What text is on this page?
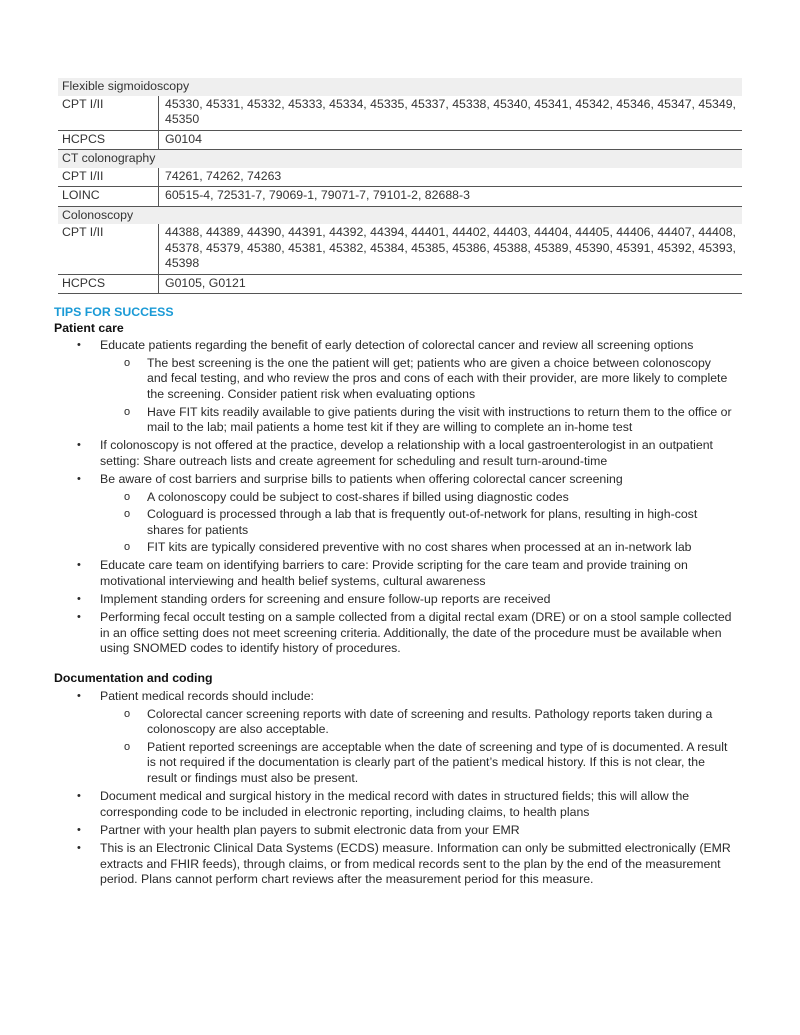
Flexible sigmoidoscopy	
CPT I/II	45330, 45331, 45332, 45333, 45334, 45335, 45337, 45338, 45340, 45341, 45342, 45346, 45347, 45349, 45350
HCPCS	G0104
CT colonography	
CPT I/II	74261, 74262, 74263
LOINC	60515-4, 72531-7, 79069-1, 79071-7, 79101-2, 82688-3
Colonoscopy	
CPT I/II	44388, 44389, 44390, 44391, 44392, 44394, 44401, 44402, 44403, 44404, 44405, 44406, 44407, 44408, 45378, 45379, 45380, 45381, 45382, 45384, 45385, 45386, 45388, 45389, 45390, 45391, 45392, 45393, 45398
HCPCS	G0105, G0121

TIPS FOR SUCCESS

Patient care

• Educate patients regarding the benefit of early detection of colorectal cancer and review all screening options
o The best screening is the one the patient will get; patients who are given a choice between colonoscopy and fecal testing, and who review the pros and cons of each with their provider, are more likely to complete the screening. Consider patient risk when evaluating options
o Have FIT kits readily available to give patients during the visit with instructions to return them to the office or mail to the lab; mail patients a home test kit if they are willing to complete an in-home test
• If colonoscopy is not offered at the practice, develop a relationship with a local gastroenterologist in an outpatient setting: Share outreach lists and create agreement for scheduling and result turn-around-time
• Be aware of cost barriers and surprise bills to patients when offering colorectal cancer screening
o A colonoscopy could be subject to cost-shares if billed using diagnostic codes
o Cologuard is processed through a lab that is frequently out-of-network for plans, resulting in high-cost shares for patients
o FIT kits are typically considered preventive with no cost shares when processed at an in-network lab
• Educate care team on identifying barriers to care: Provide scripting for the care team and provide training on motivational interviewing and health belief systems, cultural awareness
• Implement standing orders for screening and ensure follow-up reports are received
• Performing fecal occult testing on a sample collected from a digital rectal exam (DRE) or on a stool sample collected in an office setting does not meet screening criteria. Additionally, the date of the procedure must be available when using SNOMED codes to identify history of procedures.

Documentation and coding

• Patient medical records should include:
o Colorectal cancer screening reports with date of screening and results. Pathology reports taken during a colonoscopy are also acceptable.
o Patient reported screenings are acceptable when the date of screening and type of is documented. A result is not required if the documentation is clearly part of the patient’s medical history. If this is not clear, the result or findings must also be present.
• Document medical and surgical history in the medical record with dates in structured fields; this will allow the corresponding code to be included in electronic reporting, including claims, to health plans
• Partner with your health plan payers to submit electronic data from your EMR
• This is an Electronic Clinical Data Systems (ECDS) measure. Information can only be submitted electronically (EMR extracts and FHIR feeds), through claims, or from medical records sent to the plan by the end of the measurement period. Plans cannot perform chart reviews after the measurement period for this measure.
